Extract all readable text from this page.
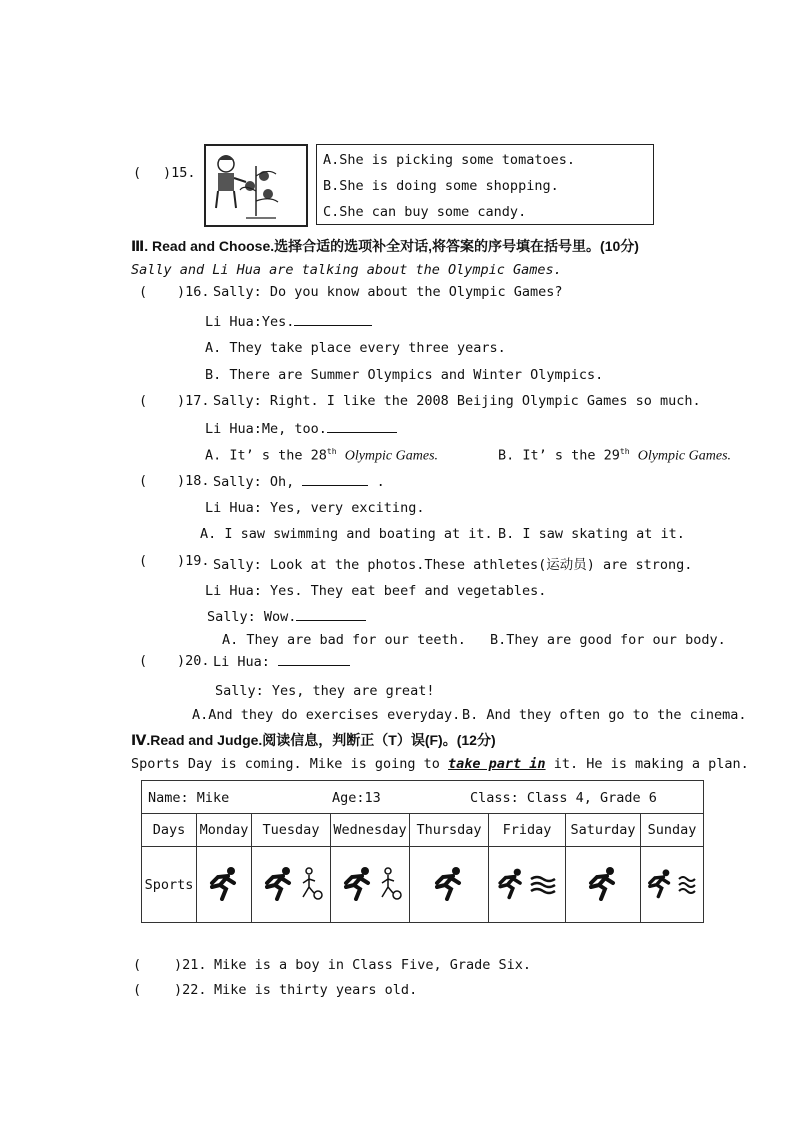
( )15.
A.She is picking some tomatoes.
B.She is doing some shopping.
C.She can buy some candy.
Ⅲ. Read and Choose.选择合适的选项补全对话,将答案的序号填在括号里。(10分)
Sally and Li Hua are talking about the Olympic Games.
( )16. Sally: Do you know about the Olympic Games?
Li Hua:Yes.
A. They take place every three years.
B. There are Summer Olympics and Winter Olympics.
( )17. Sally: Right. I like the 2008 Beijing Olympic Games so much.
Li Hua:Me, too.
A. It’ s the 28th Olympic Games.	B. It’ s the 29th Olympic Games.
( )18. Sally: Oh,	.
Li Hua: Yes, very exciting.
A. I saw swimming and boating at it. B. I saw skating at it.
( )19. Sally: Look at the photos.These athletes(运动员) are strong.
Li Hua: Yes. They eat beef and vegetables.
Sally: Wow.
A. They are bad for our teeth. B.They are good for our body.
( )20. Li Hua:
Sally: Yes, they are great!
A.And they do exercises everyday. B. And they often go to the cinema.
Ⅳ.Read and Judge.阅读信息，判断正（T）误(F)。(12分)
Sports Day is coming. Mike is going to take part in it. He is making a plan.
Name: Mike Age:13 Class: Class 4, Grade 6							

Days	Monday	Tuesday	Wednesday	Thursday	Friday	Saturday	Sunday
Sports							
( )21. Mike is a boy in Class Five, Grade Six.
( )22. Mike is thirty years old.
